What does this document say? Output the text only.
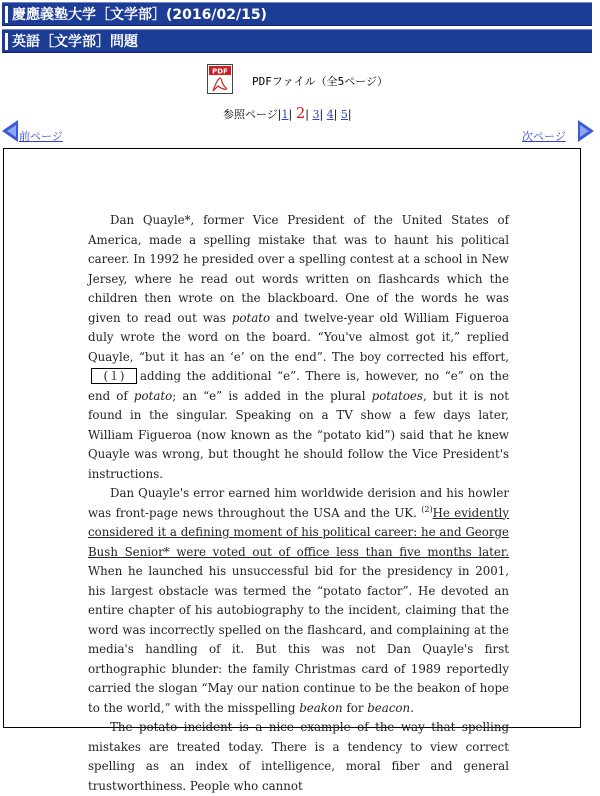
慶應義塾大学［文学部］(2016/02/15)
英語［文学部］問題
PDF
PDFファイル（全5ページ）
参照ページ|1| 2| 3| 4| 5|
前ページ	次ページ

Dan Quayle*, former Vice President of the United States of America, made a spelling mistake that was to haunt his political career. In 1992 he presided over a spelling contest at a school in New Jersey, where he read out words written on flashcards which the children then wrote on the blackboard. One of the words he was given to read out was potato and twelve-year old William Figueroa duly wrote the word on the board. “You've almost got it,” replied Quayle, “but it has an ‘e’ on the end”. The boy corrected his effort,(１) adding the additional “e”. There is, however, no “e” on the end of potato; an “e” is added in the plural potatoes, but it is not found in the singular. Speaking on a TV show a few days later, William Figueroa (now known as the “potato kid”) said that he knew Quayle was wrong, but thought he should follow the Vice President's instructions.

Dan Quayle's error earned him worldwide derision and his howler was front-page news throughout the USA and the UK. $^{(2)}$He evidently considered it a defining moment of his political career: he and George Bush Senior* were voted out of office less than five months later. When he launched his unsuccessful bid for the presidency in 2001, his largest obstacle was termed the “potato factor”. He devoted an entire chapter of his autobiography to the incident, claiming that the word was incorrectly spelled on the flashcard, and complaining at the media's handling of it. But this was not Dan Quayle's first orthographic blunder: the family Christmas card of 1989 reportedly carried the slogan “May our nation continue to be the beakon of hope to the world,” with the misspelling beakon for beacon.

The potato incident is a nice example of the way that spelling mistakes are treated today. There is a tendency to view correct spelling as an index of intelligence, moral fiber and general trustworthiness. People who cannot
